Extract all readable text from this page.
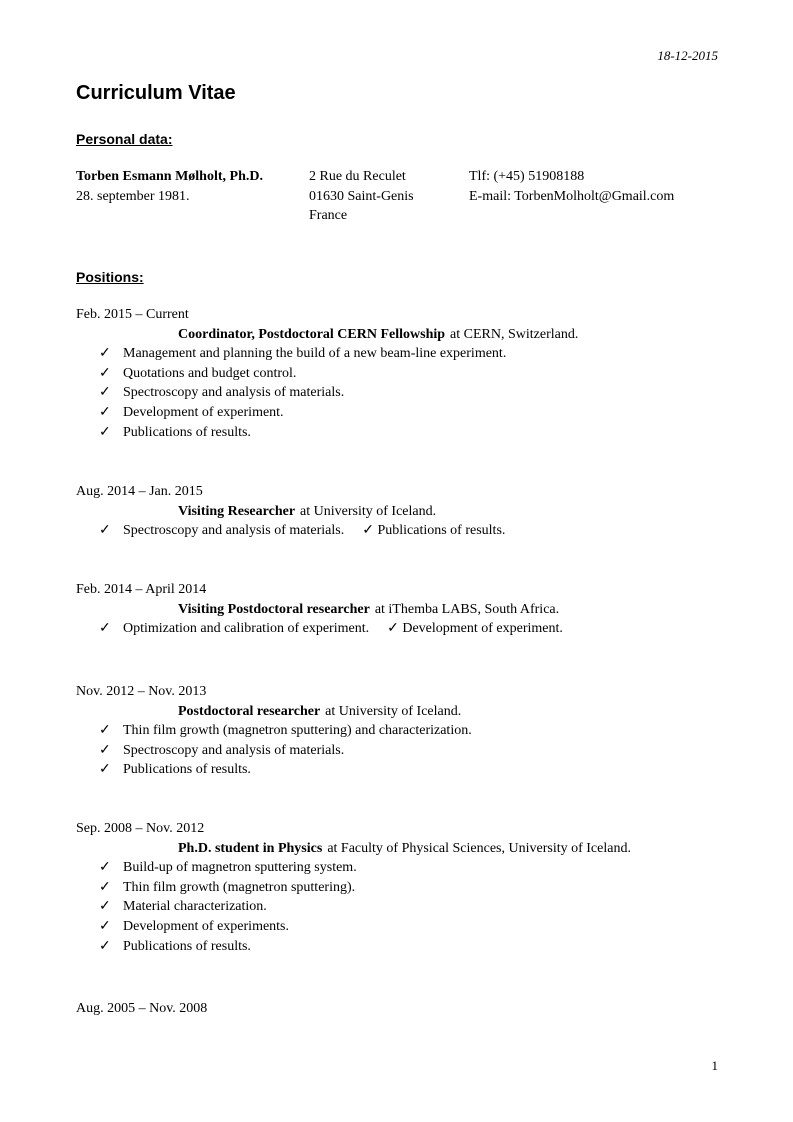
18-12-2015
Curriculum Vitae
Personal data:
Torben Esmann Mølholt, Ph.D.
28. september 1981.
2 Rue du Reculet
01630 Saint-Genis
France
Tlf: (+45) 51908188
E-mail: TorbenMolholt@Gmail.com
Positions:
Feb. 2015 – Current
Coordinator, Postdoctoral CERN Fellowship at CERN, Switzerland.
✓ Management and planning the build of a new beam-line experiment.
✓ Quotations and budget control.
✓ Spectroscopy and analysis of materials.
✓ Development of experiment.
✓ Publications of results.
Aug. 2014 – Jan. 2015
Visiting Researcher at University of Iceland.
✓ Spectroscopy and analysis of materials. ✓ Publications of results.
Feb. 2014 – April 2014
Visiting Postdoctoral researcher at iThemba LABS, South Africa.
✓ Optimization and calibration of experiment. ✓ Development of experiment.
Nov. 2012 – Nov. 2013
Postdoctoral researcher at University of Iceland.
✓ Thin film growth (magnetron sputtering) and characterization.
✓ Spectroscopy and analysis of materials.
✓ Publications of results.
Sep. 2008 – Nov. 2012
Ph.D. student in Physics at Faculty of Physical Sciences, University of Iceland.
✓ Build-up of magnetron sputtering system.
✓ Thin film growth (magnetron sputtering).
✓ Material characterization.
✓ Development of experiments.
✓ Publications of results.
Aug. 2005 – Nov. 2008
1
